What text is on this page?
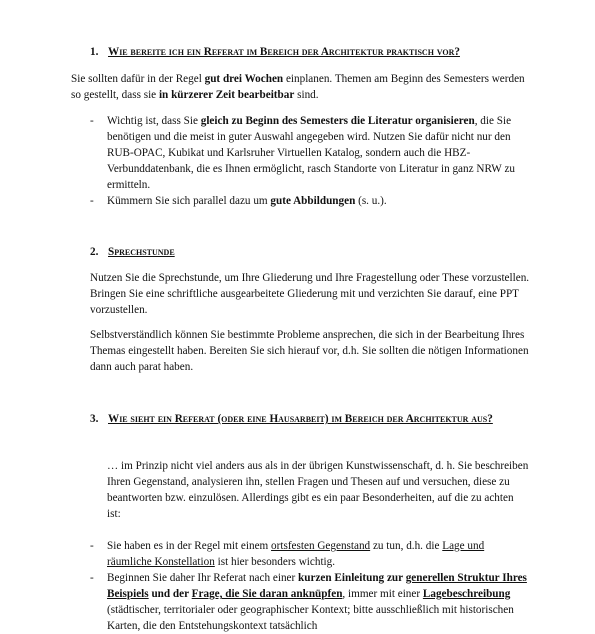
1. Wie bereite ich ein Referat im Bereich der Architektur praktisch vor?

Sie sollten dafür in der Regel gut drei Wochen einplanen. Themen am Beginn des Semesters werden so gestellt, dass sie in kürzerer Zeit bearbeitbar sind.

- Wichtig ist, dass Sie gleich zu Beginn des Semesters die Literatur organisieren, die Sie benötigen und die meist in guter Auswahl angegeben wird. Nutzen Sie dafür nicht nur den RUB-OPAC, Kubikat und Karlsruher Virtuellen Katalog, sondern auch die HBZ-Verbunddatenbank, die es Ihnen ermöglicht, rasch Standorte von Literatur in ganz NRW zu ermitteln.
- Kümmern Sie sich parallel dazu um gute Abbildungen (s. u.).
2. Sprechstunde

Nutzen Sie die Sprechstunde, um Ihre Gliederung und Ihre Fragestellung oder These vorzustellen. Bringen Sie eine schriftliche ausgearbeitete Gliederung mit und verzichten Sie darauf, eine PPT vorzustellen.

Selbstverständlich können Sie bestimmte Probleme ansprechen, die sich in der Bearbeitung Ihres Themas eingestellt haben. Bereiten Sie sich hierauf vor, d.h. Sie sollten die nötigen Informationen dann auch parat haben.

3. Wie sieht ein Referat (oder eine Hausarbeit) im Bereich der Architektur aus?

… im Prinzip nicht viel anders aus als in der übrigen Kunstwissenschaft, d. h. Sie beschreiben Ihren Gegenstand, analysieren ihn, stellen Fragen und Thesen auf und versuchen, diese zu beantworten bzw. einzulösen. Allerdings gibt es ein paar Besonderheiten, auf die zu achten ist:

- Sie haben es in der Regel mit einem ortsfesten Gegenstand zu tun, d.h. die Lage und räumliche Konstellation ist hier besonders wichtig.
- Beginnen Sie daher Ihr Referat nach einer kurzen Einleitung zur generellen Struktur Ihres Beispiels und der Frage, die Sie daran anknüpfen, immer mit einer Lagebeschreibung (städtischer, territorialer oder geographischer Kontext; bitte ausschließlich mit historischen Karten, die den Entstehungskontext tatsächlich
